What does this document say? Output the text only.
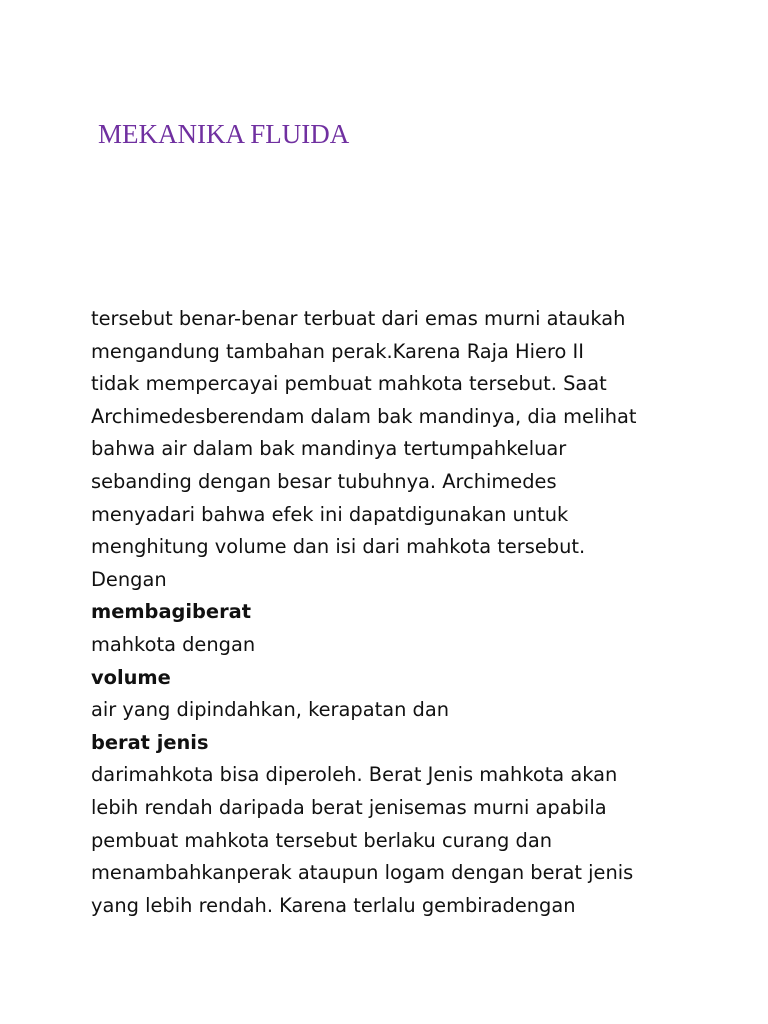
MEKANIKA FLUIDA
tersebut benar-benar terbuat dari emas murni ataukah
mengandung tambahan perak.Karena Raja Hiero II
tidak mempercayai pembuat mahkota tersebut. Saat
Archimedesberendam dalam bak mandinya, dia melihat
bahwa air dalam bak mandinya tertumpahkeluar
sebanding dengan besar tubuhnya. Archimedes
menyadari bahwa efek ini dapatdigunakan untuk
menghitung volume dan isi dari mahkota tersebut.
Dengan
membagiberat
mahkota dengan
volume
air yang dipindahkan, kerapatan dan
berat jenis
darimahkota bisa diperoleh. Berat Jenis mahkota akan
lebih rendah daripada berat jenisemas murni apabila
pembuat mahkota tersebut berlaku curang dan
menambahkanperak ataupun logam dengan berat jenis
yang lebih rendah. Karena terlalu gembiradengan
